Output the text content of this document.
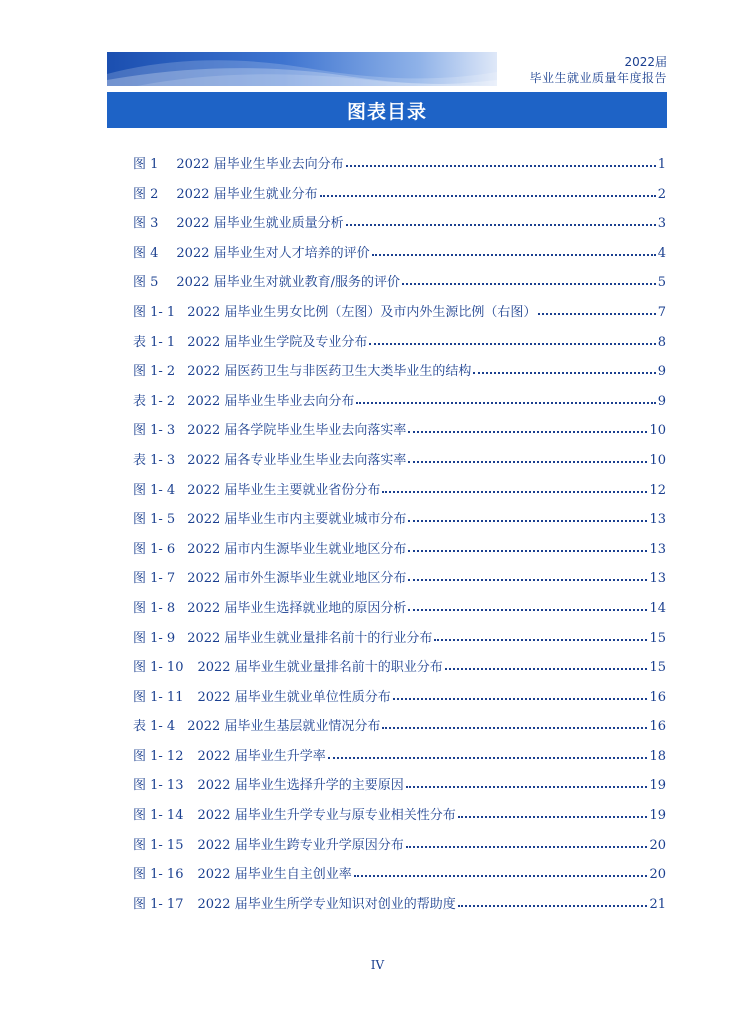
2022届
毕业生就业质量年度报告
图表目录
图 1 2022 届毕业生毕业去向分布	1
图 2 2022 届毕业生就业分布	2
图 3 2022 届毕业生就业质量分析	3
图 4 2022 届毕业生对人才培养的评价	4
图 5 2022 届毕业生对就业教育/服务的评价	5
图 1- 1 2022 届毕业生男女比例（左图）及市内外生源比例（右图）	7
表 1- 1 2022 届毕业生学院及专业分布	8
图 1- 2 2022 届医药卫生与非医药卫生大类毕业生的结构	9
表 1- 2 2022 届毕业生毕业去向分布	9
图 1- 3 2022 届各学院毕业生毕业去向落实率	10
表 1- 3 2022 届各专业毕业生毕业去向落实率	10
图 1- 4 2022 届毕业生主要就业省份分布	12
图 1- 5 2022 届毕业生市内主要就业城市分布	13
图 1- 6 2022 届市内生源毕业生就业地区分布	13
图 1- 7 2022 届市外生源毕业生就业地区分布	13
图 1- 8 2022 届毕业生选择就业地的原因分析	14
图 1- 9 2022 届毕业生就业量排名前十的行业分布	15
图 1- 10 2022 届毕业生就业量排名前十的职业分布	15
图 1- 11 2022 届毕业生就业单位性质分布	16
表 1- 4 2022 届毕业生基层就业情况分布	16
图 1- 12 2022 届毕业生升学率	18
图 1- 13 2022 届毕业生选择升学的主要原因	19
图 1- 14 2022 届毕业生升学专业与原专业相关性分布	19
图 1- 15 2022 届毕业生跨专业升学原因分布	20
图 1- 16 2022 届毕业生自主创业率	20
图 1- 17 2022 届毕业生所学专业知识对创业的帮助度	21
IV
